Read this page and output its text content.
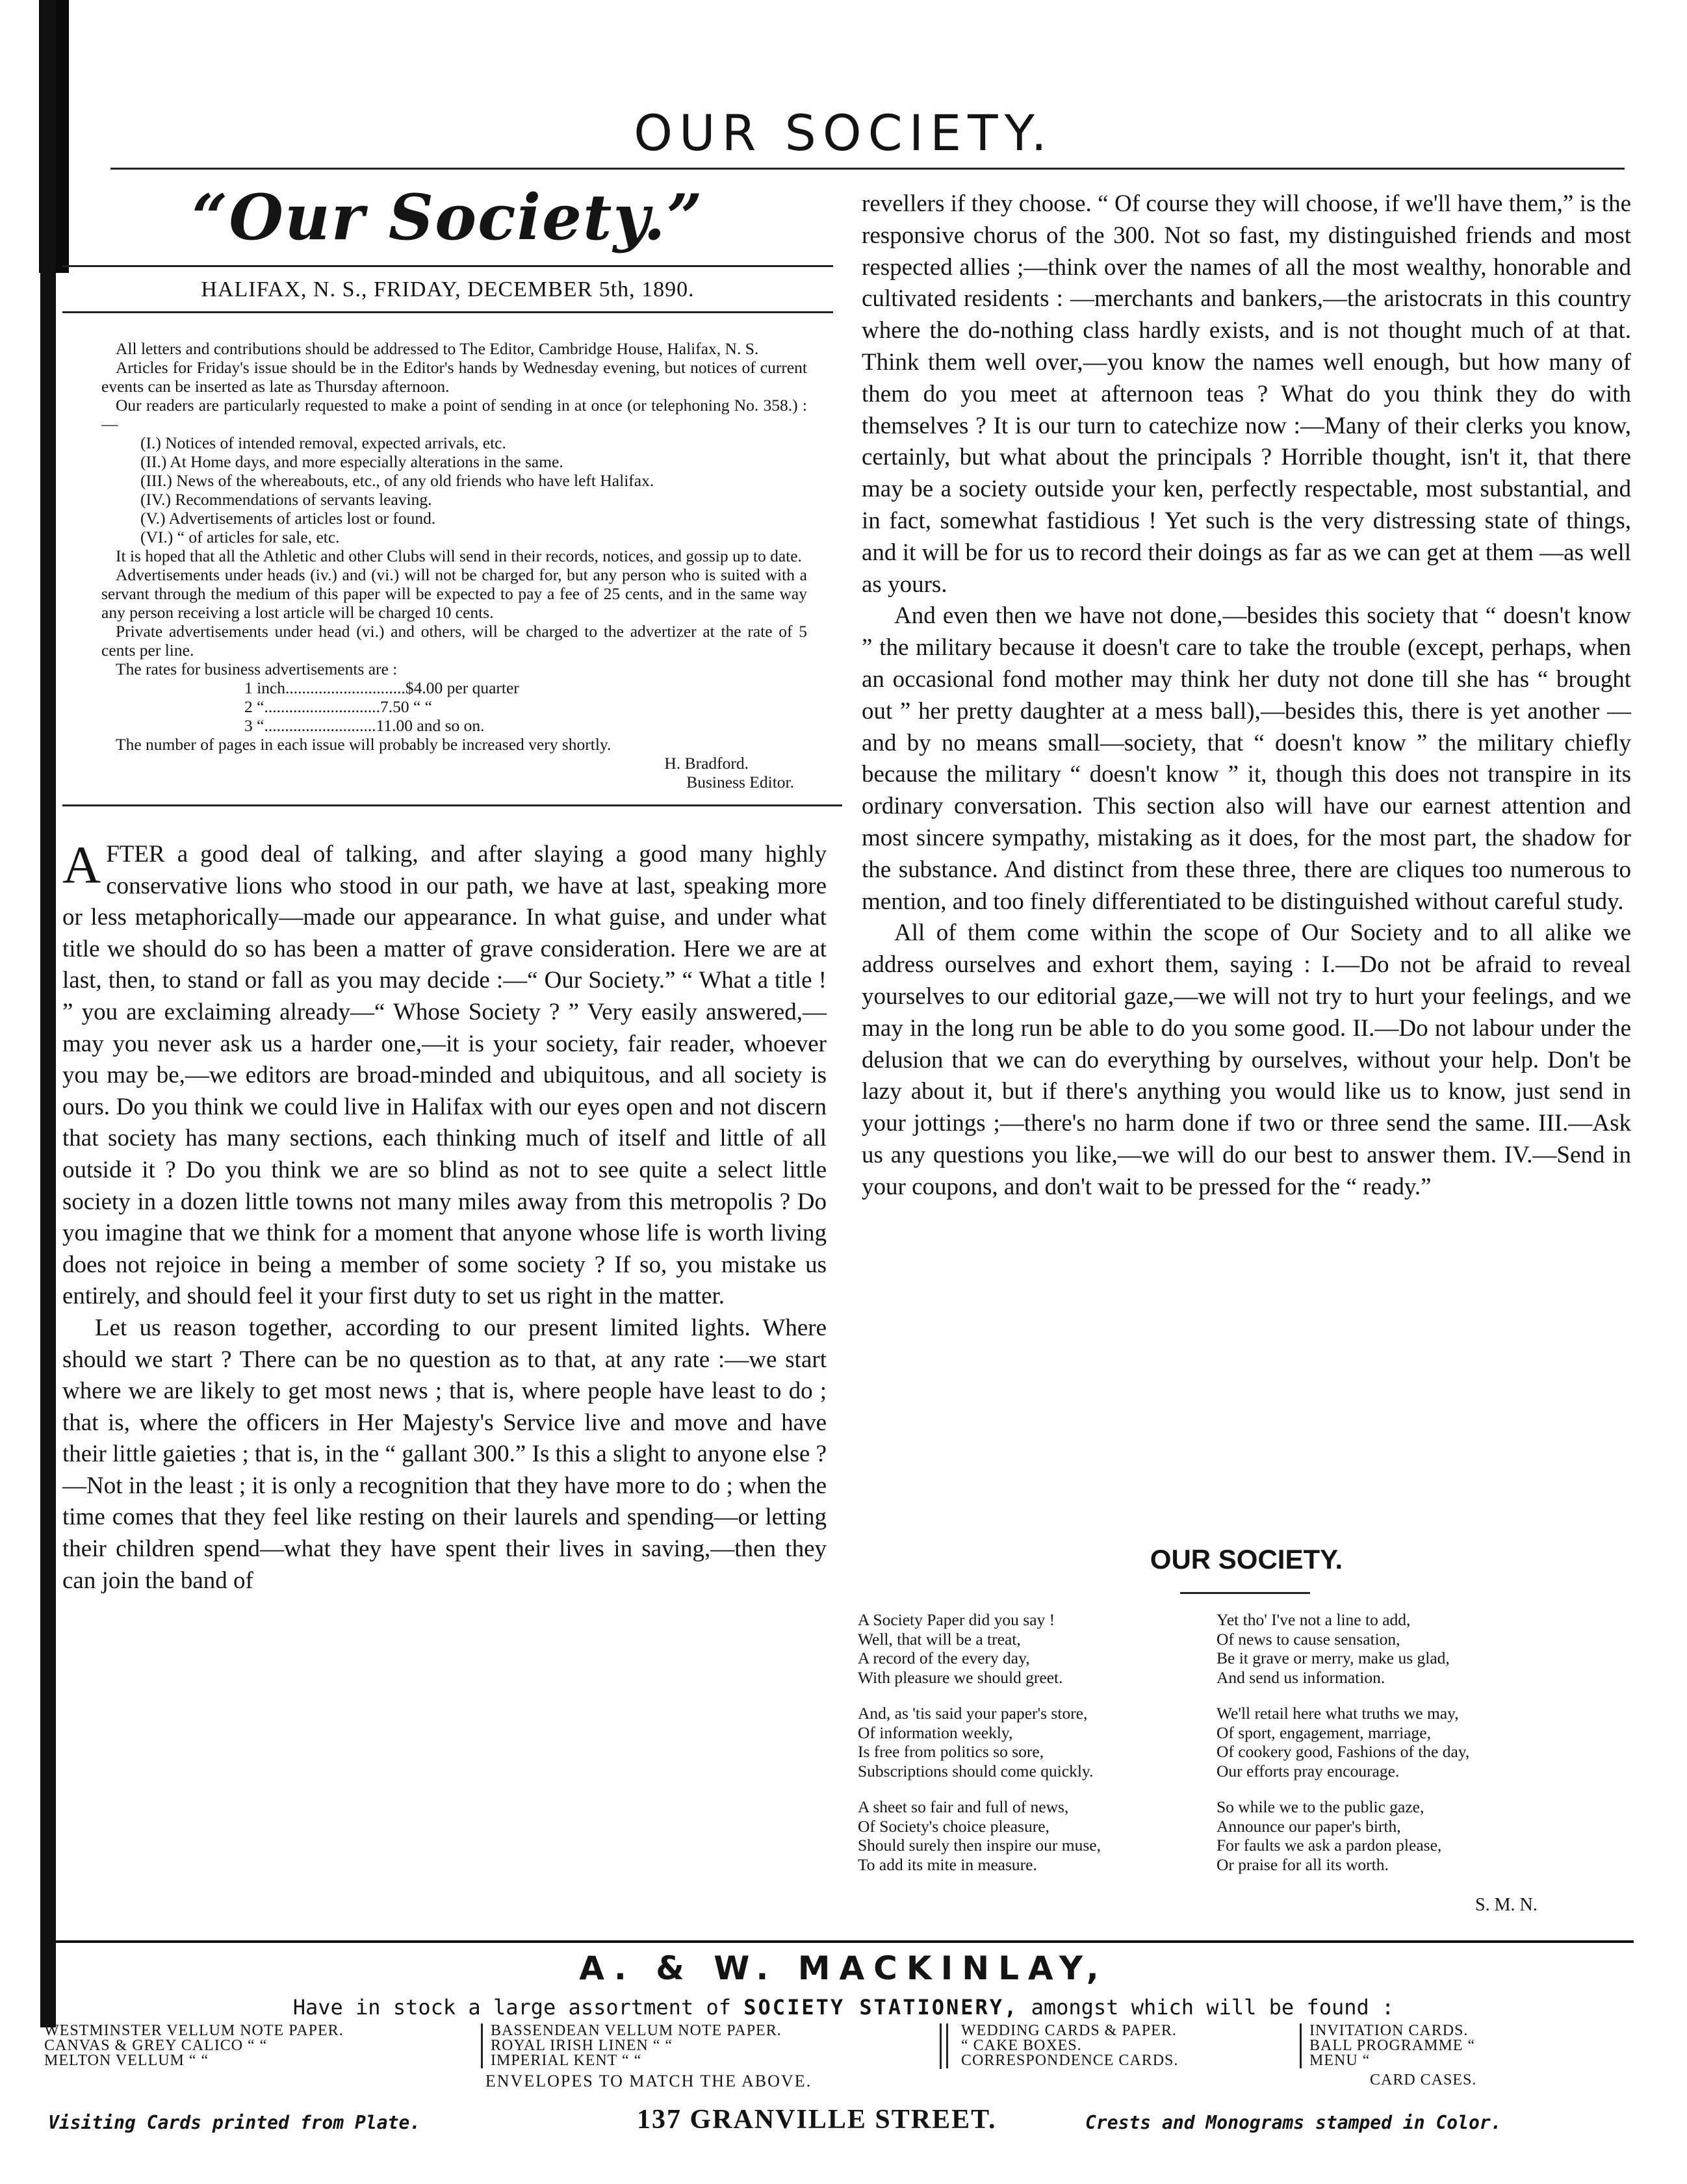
OUR SOCIETY.
“Our Society.”
HALIFAX, N. S., FRIDAY, DECEMBER 5th, 1890.

All letters and contributions should be addressed to The Editor, Cambridge House, Halifax, N. S.

Articles for Friday's issue should be in the Editor's hands by Wednesday evening, but notices of current events can be inserted as late as Thursday afternoon.

Our readers are particularly requested to make a point of sending in at once (or telephoning No. 358.) :—

(I.) Notices of intended removal, expected arrivals, etc.

(II.) At Home days, and more especially alterations in the same.

(III.) News of the whereabouts, etc., of any old friends who have left Halifax.

(IV.) Recommendations of servants leaving.

(V.) Advertisements of articles lost or found.

(VI.) “ of articles for sale, etc.

It is hoped that all the Athletic and other Clubs will send in their records, notices, and gossip up to date.

Advertisements under heads (iv.) and (vi.) will not be charged for, but any person who is suited with a servant through the medium of this paper will be expected to pay a fee of 25 cents, and in the same way any person receiving a lost article will be charged 10 cents.

Private advertisements under head (vi.) and others, will be charged to the advertizer at the rate of 5 cents per line.

The rates for business advertisements are :

1 inch.............................$4.00 per quarter
2 “............................7.50 “ “
3 “...........................11.00 and so on.

The number of pages in each issue will probably be increased very shortly.

H. Bradford.
Business Editor.

AFTER a good deal of talking, and after slaying a good many highly conservative lions who stood in our path, we have at last, speaking more or less metaphorically—made our appearance. In what guise, and under what title we should do so has been a matter of grave consideration. Here we are at last, then, to stand or fall as you may decide :—“ Our Society.” “ What a title ! ” you are exclaiming already—“ Whose Society ? ” Very easily answered,—may you never ask us a harder one,—it is your society, fair reader, whoever you may be,—we editors are broad-minded and ubiquitous, and all society is ours. Do you think we could live in Halifax with our eyes open and not discern that society has many sections, each thinking much of itself and little of all outside it ? Do you think we are so blind as not to see quite a select little society in a dozen little towns not many miles away from this metropolis ? Do you imagine that we think for a moment that anyone whose life is worth living does not rejoice in being a member of some society ? If so, you mistake us entirely, and should feel it your first duty to set us right in the matter.

Let us reason together, according to our present limited lights. Where should we start ? There can be no question as to that, at any rate :—we start where we are likely to get most news ; that is, where people have least to do ; that is, where the officers in Her Majesty's Service live and move and have their little gaieties ; that is, in the “ gallant 300.” Is this a slight to anyone else ?—Not in the least ; it is only a recognition that they have more to do ; when the time comes that they feel like resting on their laurels and spending—or letting their children spend—what they have spent their lives in saving,—then they can join the band of

revellers if they choose. “ Of course they will choose, if we'll have them,” is the responsive chorus of the 300. Not so fast, my distinguished friends and most respected allies ;—think over the names of all the most wealthy, honorable and cultivated residents : —merchants and bankers,—the aristocrats in this country where the do-nothing class hardly exists, and is not thought much of at that. Think them well over,—you know the names well enough, but how many of them do you meet at afternoon teas ? What do you think they do with themselves ? It is our turn to catechize now :—Many of their clerks you know, certainly, but what about the principals ? Horrible thought, isn't it, that there may be a society outside your ken, perfectly respectable, most substantial, and in fact, somewhat fastidious ! Yet such is the very distressing state of things, and it will be for us to record their doings as far as we can get at them —as well as yours.

And even then we have not done,—besides this society that “ doesn't know ” the military because it doesn't care to take the trouble (except, perhaps, when an occasional fond mother may think her duty not done till she has “ brought out ” her pretty daughter at a mess ball),—besides this, there is yet another —and by no means small—society, that “ doesn't know ” the military chiefly because the military “ doesn't know ” it, though this does not transpire in its ordinary conversation. This section also will have our earnest attention and most sincere sympathy, mistaking as it does, for the most part, the shadow for the substance. And distinct from these three, there are cliques too numerous to mention, and too finely differentiated to be distinguished without careful study.

All of them come within the scope of Our Society and to all alike we address ourselves and exhort them, saying : I.—Do not be afraid to reveal yourselves to our editorial gaze,—we will not try to hurt your feelings, and we may in the long run be able to do you some good. II.—Do not labour under the delusion that we can do everything by ourselves, without your help. Don't be lazy about it, but if there's anything you would like us to know, just send in your jottings ;—there's no harm done if two or three send the same. III.—Ask us any questions you like,—we will do our best to answer them. IV.—Send in your coupons, and don't wait to be pressed for the “ ready.”

OUR SOCIETY.
A Society Paper did you say !
Well, that will be a treat,
A record of the every day,
With pleasure we should greet.
And, as 'tis said your paper's store,
Of information weekly,
Is free from politics so sore,
Subscriptions should come quickly.
A sheet so fair and full of news,
Of Society's choice pleasure,
Should surely then inspire our muse,
To add its mite in measure.
Yet tho' I've not a line to add,
Of news to cause sensation,
Be it grave or merry, make us glad,
And send us information.
We'll retail here what truths we may,
Of sport, engagement, marriage,
Of cookery good, Fashions of the day,
Our efforts pray encourage.
So while we to the public gaze,
Announce our paper's birth,
For faults we ask a pardon please,
Or praise for all its worth.
S. M. N.
A. & W. MACKINLAY,
Have in stock a large assortment of SOCIETY STATIONERY, amongst which will be found :
WESTMINSTER VELLUM NOTE PAPER.
CANVAS & GREY CALICO “ “
MELTON VELLUM “ “
BASSENDEAN VELLUM NOTE PAPER.
ROYAL IRISH LINEN “ “
IMPERIAL KENT “ “
WEDDING CARDS & PAPER.
“ CAKE BOXES.
CORRESPONDENCE CARDS.
INVITATION CARDS.
BALL PROGRAMME “
MENU “
ENVELOPES TO MATCH THE ABOVE.	CARD CASES.
Visiting Cards printed from Plate.	137 GRANVILLE STREET.	Crests and Monograms stamped in Color.
